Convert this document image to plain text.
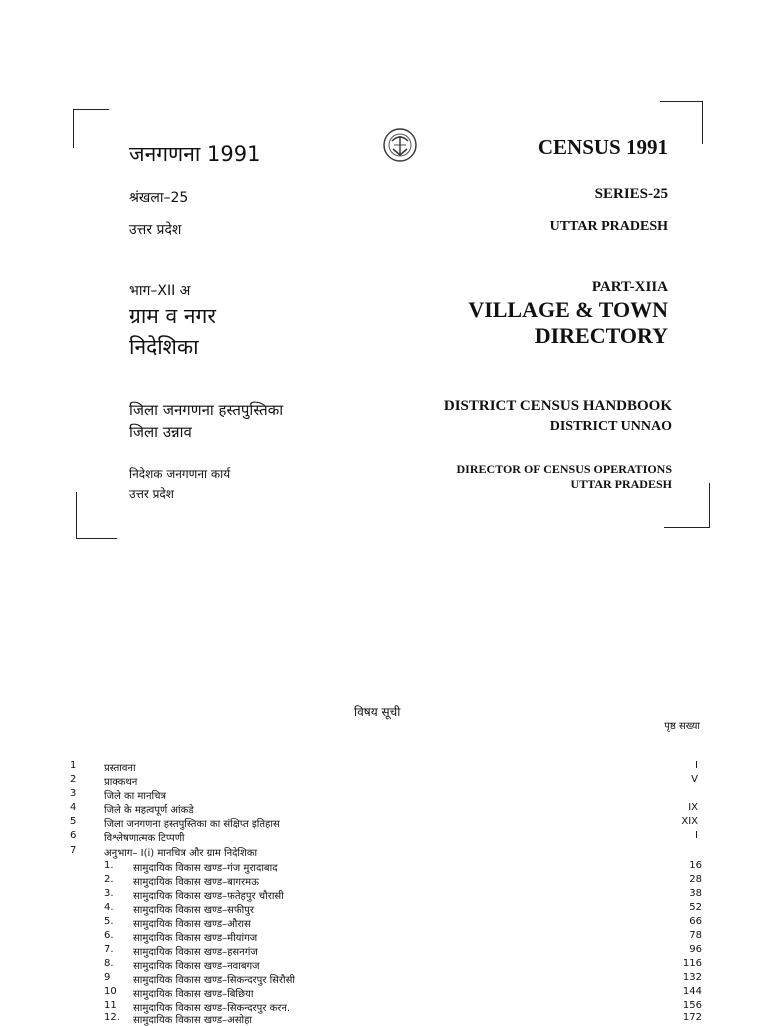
जनगणना 1991
श्रंखला–25
उत्तर प्रदेश
भाग–XII अ
ग्राम व नगर
निदेशिका
जिला जनगणना हस्तपुस्तिका
जिला उन्नाव
निदेशक जनगणना कार्य
उत्तर प्रदेश
CENSUS 1991
SERIES-25
UTTAR PRADESH
PART-XIIA
VILLAGE & TOWN
DIRECTORY
DISTRICT CENSUS HANDBOOK
DISTRICT UNNAO
DIRECTOR OF CENSUS OPERATIONS
UTTAR PRADESH
विषय सूची
पृष्ठ सख्या
1	प्रस्तावना	I
2	प्राक्कथन	V
3	जिले का मानचित्र
4	जिले के महत्वपूर्ण आंकडे	IX
5	जिला जनगणना हस्तपुस्तिका का संक्षिप्त इतिहास	XIX
6	विश्लेषणात्मक टिप्पणी	I
7	अनुभाग– I(i) मानचित्र और ग्राम निदेशिका
1. सामुदायिक विकास खण्ड–गंज मुरादाबाद	16
2. सामुदायिक विकास खण्ड–बागरमऊ	28
3. सामुदायिक विकास खण्ड–फतेहपुर चौरासी	38
4. सामुदायिक विकास खण्ड–सफीपुर	52
5. सामुदायिक विकास खण्ड–औरास	66
6. सामुदायिक विकास खण्ड–मीयांगज	78
7. सामुदायिक विकास खण्ड–हसनगंज	96
8. सामुदायिक विकास खण्ड–नवाबगज	116
9 सामुदायिक विकास खण्ड–सिकन्दरपुर सिरौसी	132
10 सामुदायिक विकास खण्ड–बिछिया	144
11 सामुदायिक विकास खण्ड–सिकन्दरपुर करन.	156
12. सामुदायिक विकास खण्ड–असोहा	172
